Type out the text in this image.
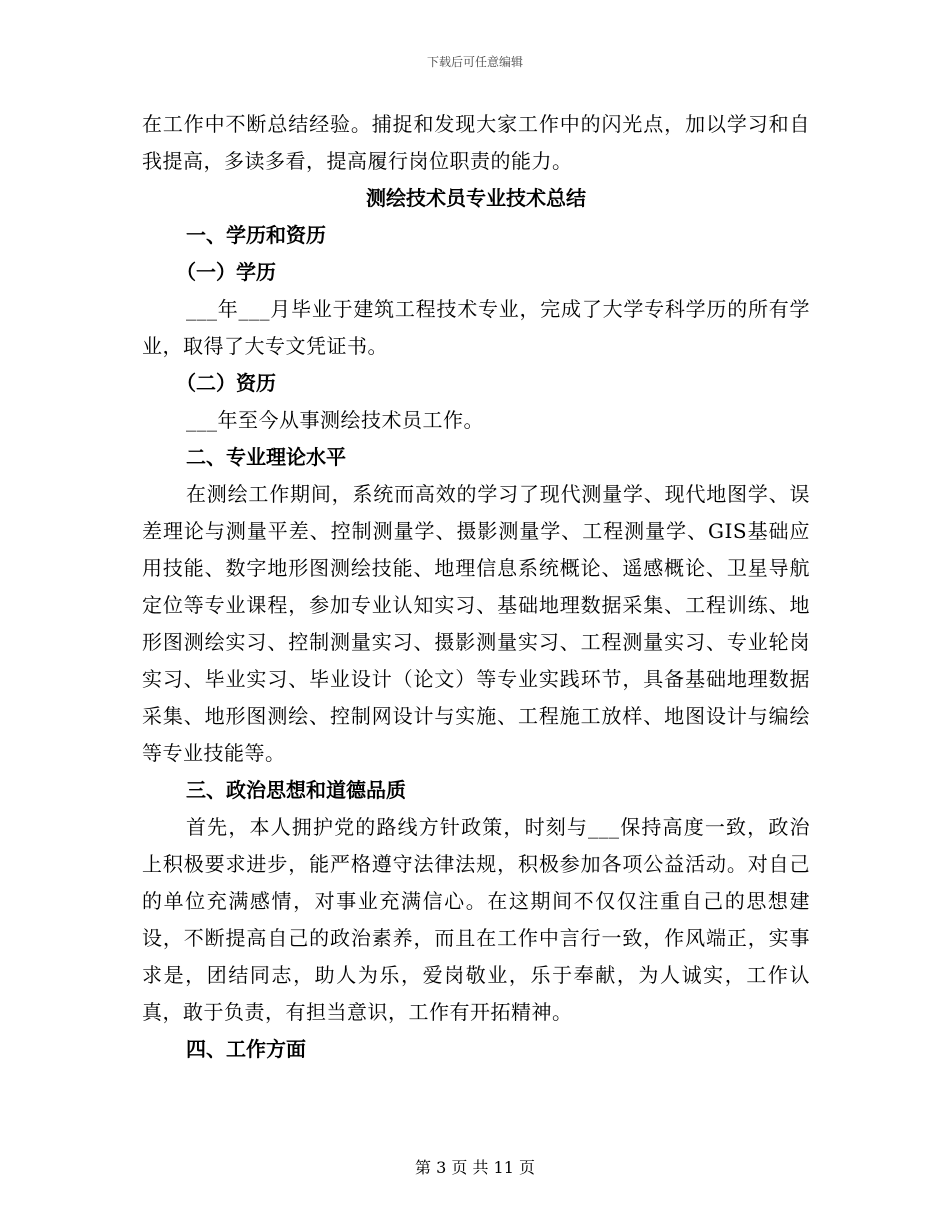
下载后可任意编辑

在工作中不断总结经验。捕捉和发现大家工作中的闪光点，加以学习和自我提高，多读多看，提高履行岗位职责的能力。

测绘技术员专业技术总结

一、学历和资历

（一）学历

___年___月毕业于建筑工程技术专业，完成了大学专科学历的所有学业，取得了大专文凭证书。

（二）资历

___年至今从事测绘技术员工作。

二、专业理论水平

在测绘工作期间，系统而高效的学习了现代测量学、现代地图学、误差理论与测量平差、控制测量学、摄影测量学、工程测量学、GIS基础应用技能、数字地形图测绘技能、地理信息系统概论、遥感概论、卫星导航定位等专业课程，参加专业认知实习、基础地理数据采集、工程训练、地形图测绘实习、控制测量实习、摄影测量实习、工程测量实习、专业轮岗实习、毕业实习、毕业设计（论文）等专业实践环节，具备基础地理数据采集、地形图测绘、控制网设计与实施、工程施工放样、地图设计与编绘等专业技能等。

三、政治思想和道德品质

首先，本人拥护党的路线方针政策，时刻与___保持高度一致，政治上积极要求进步，能严格遵守法律法规，积极参加各项公益活动。对自己的单位充满感情，对事业充满信心。在这期间不仅仅注重自己的思想建设，不断提高自己的政治素养，而且在工作中言行一致，作风端正，实事求是，团结同志，助人为乐，爱岗敬业，乐于奉献，为人诚实，工作认真，敢于负责，有担当意识，工作有开拓精神。

四、工作方面

第 3 页 共 11 页
